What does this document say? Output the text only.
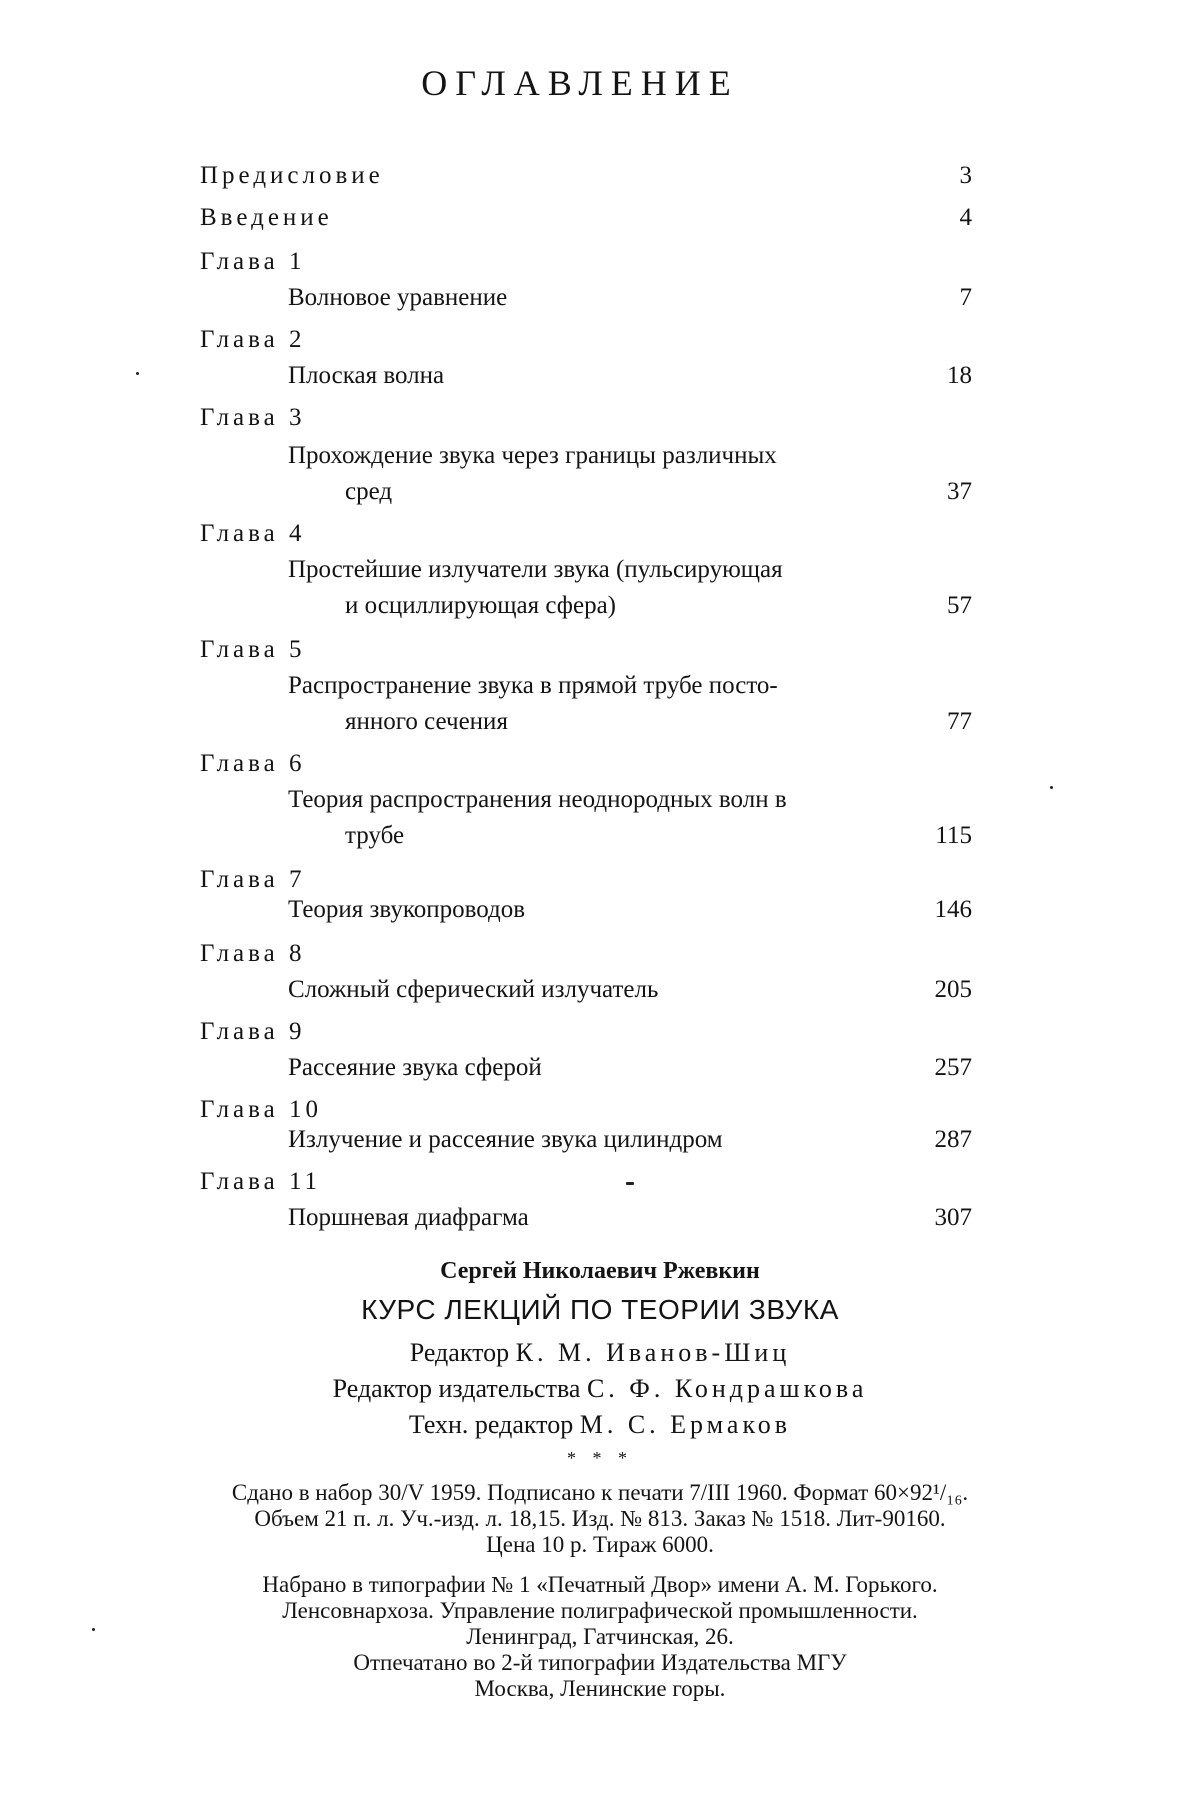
ОГЛАВЛЕНИЕ
Предисловие	3
Введение	4
Глава 1
Волновое уравнение	7
Глава 2
Плоская волна	18
Глава 3
Прохождение звука через границы различных
сред	37
Глава 4
Простейшие излучатели звука (пульсирующая
и осциллирующая сфера)	57
Глава 5
Распространение звука в прямой трубе посто-
янного сечения	77
Глава 6
Теория распространения неоднородных волн в
трубе	115
Глава 7
Теория звукопроводов	146
Глава 8
Сложный сферический излучатель	205
Глава 9
Рассеяние звука сферой	257
Глава 10
Излучение и рассеяние звука цилиндром	287
Глава 11
Поршневая диафрагма	307
Сергей Николаевич Ржевкин
КУРС ЛЕКЦИЙ ПО ТЕОРИИ ЗВУКА
Редактор К. М. Иванов-Шиц
Редактор издательства С. Ф. Кондрашкова
Техн. редактор М. С. Ермаков
* * *
Сдано в набор 30/V 1959. Подписано к печати 7/III 1960. Формат 60×92¹/₁₆.
Объем 21 п. л. Уч.-изд. л. 18,15. Изд. № 813. Заказ № 1518. Лит-90160.
Цена 10 р. Тираж 6000.
Набрано в типографии № 1 «Печатный Двор» имени А. М. Горького.
Ленсовнархоза. Управление полиграфической промышленности.
Ленинград, Гатчинская, 26.
Отпечатано во 2-й типографии Издательства МГУ
Москва, Ленинские горы.
